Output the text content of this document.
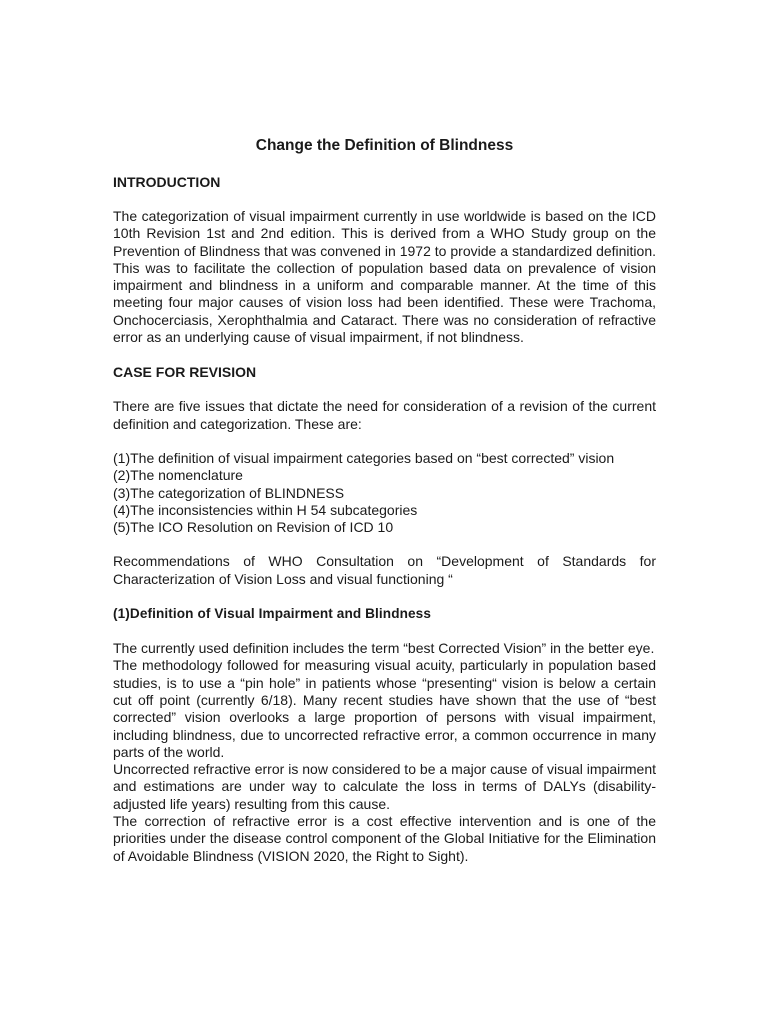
Change the Definition of Blindness
INTRODUCTION
The categorization of visual impairment currently in use worldwide is based on the ICD 10th Revision 1st and 2nd edition. This is derived from a WHO Study group on the Prevention of Blindness that was convened in 1972 to provide a standardized definition. This was to facilitate the collection of population based data on prevalence of vision impairment and blindness in a uniform and comparable manner. At the time of this meeting four major causes of vision loss had been identified. These were Trachoma, Onchocerciasis, Xerophthalmia and Cataract. There was no consideration of refractive error as an underlying cause of visual impairment, if not blindness.
CASE FOR REVISION
There are five issues that dictate the need for consideration of a revision of the current definition and categorization. These are:
(1)The definition of visual impairment categories based on “best corrected” vision
(2)The nomenclature
(3)The categorization of BLINDNESS
(4)The inconsistencies within H 54 subcategories
(5)The ICO Resolution on Revision of ICD 10
Recommendations of WHO Consultation on “Development of Standards for Characterization of Vision Loss and visual functioning “
(1)Definition of Visual Impairment and Blindness
The currently used definition includes the term “best Corrected Vision” in the better eye.
The methodology followed for measuring visual acuity, particularly in population based studies, is to use a “pin hole” in patients whose “presenting“ vision is below a certain cut off point (currently 6/18). Many recent studies have shown that the use of “best corrected” vision overlooks a large proportion of persons with visual impairment, including blindness, due to uncorrected refractive error, a common occurrence in many parts of the world.
Uncorrected refractive error is now considered to be a major cause of visual impairment and estimations are under way to calculate the loss in terms of DALYs (disability-adjusted life years) resulting from this cause.
The correction of refractive error is a cost effective intervention and is one of the priorities under the disease control component of the Global Initiative for the Elimination of Avoidable Blindness (VISION 2020, the Right to Sight).
